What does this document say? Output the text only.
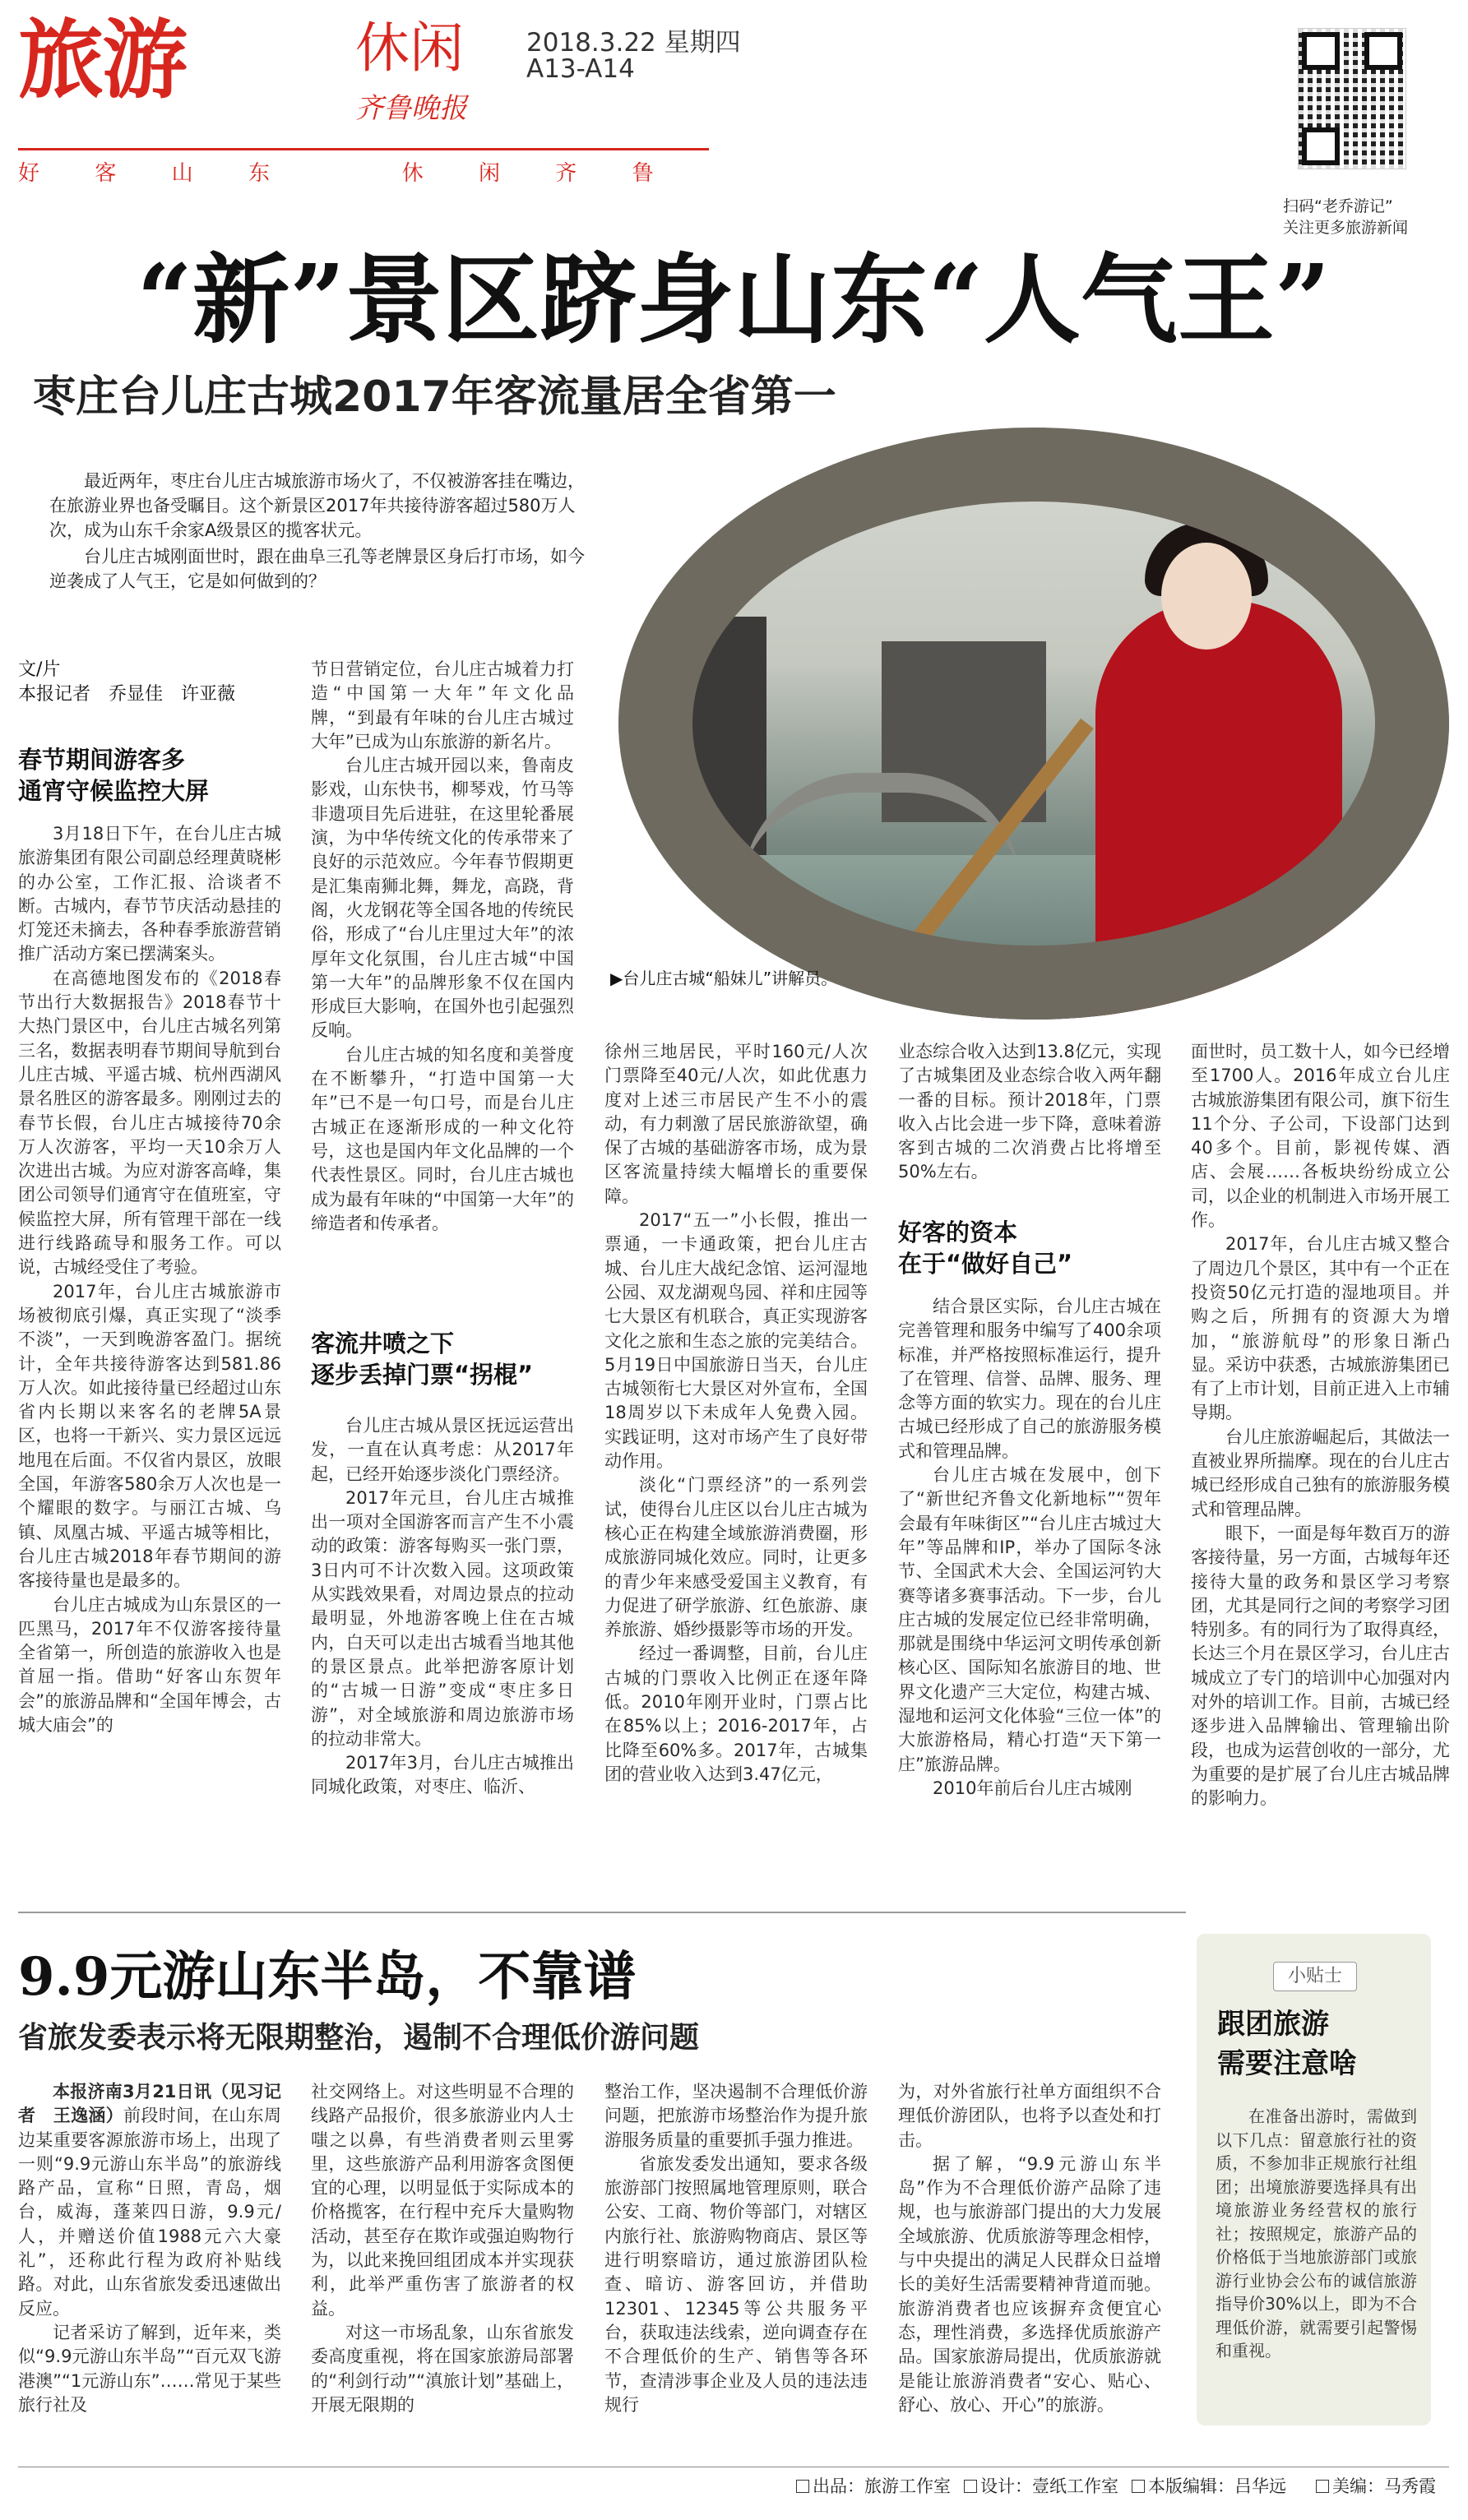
旅游	休闲
齐鲁晚报
2018.3.22 星期四
A13-A14
好	客	山	东	休	闲	齐	鲁
扫码“老乔游记”
关注更多旅游新闻
“新”景区跻身山东“人气王”
枣庄台儿庄古城2017年客流量居全省第一

最近两年，枣庄台儿庄古城旅游市场火了，不仅被游客挂在嘴边，在旅游业界也备受瞩目。这个新景区2017年共接待游客超过580万人次，成为山东千余家A级景区的揽客状元。

台儿庄古城刚面世时，跟在曲阜三孔等老牌景区身后打市场，如今逆袭成了人气王，它是如何做到的？

▶台儿庄古城“船妹儿”讲解员。
文/片
本报记者　乔显佳　许亚薇
春节期间游客多
通宵守候监控大屏

3月18日下午，在台儿庄古城旅游集团有限公司副总经理黄晓彬的办公室，工作汇报、洽谈者不断。古城内，春节节庆活动悬挂的灯笼还未摘去，各种春季旅游营销推广活动方案已摆满案头。

在高德地图发布的《2018春节出行大数据报告》2018春节十大热门景区中，台儿庄古城名列第三名，数据表明春节期间导航到台儿庄古城、平遥古城、杭州西湖风景名胜区的游客最多。刚刚过去的春节长假，台儿庄古城接待70余万人次游客，平均一天10余万人次进出古城。为应对游客高峰，集团公司领导们通宵守在值班室，守候监控大屏，所有管理干部在一线进行线路疏导和服务工作。可以说，古城经受住了考验。

2017年，台儿庄古城旅游市场被彻底引爆，真正实现了“淡季不淡”，一天到晚游客盈门。据统计，全年共接待游客达到581.86万人次。如此接待量已经超过山东省内长期以来客名的老牌5A景区，也将一干新兴、实力景区远远地甩在后面。不仅省内景区，放眼全国，年游客580余万人次也是一个耀眼的数字。与丽江古城、乌镇、凤凰古城、平遥古城等相比，台儿庄古城2018年春节期间的游客接待量也是最多的。

台儿庄古城成为山东景区的一匹黑马，2017年不仅游客接待量全省第一，所创造的旅游收入也是首屈一指。借助“好客山东贺年会”的旅游品牌和“全国年博会，古城大庙会”的

节日营销定位，台儿庄古城着力打造“中国第一大年”年文化品牌，“到最有年味的台儿庄古城过大年”已成为山东旅游的新名片。

台儿庄古城开园以来，鲁南皮影戏，山东快书，柳琴戏，竹马等非遗项目先后进驻，在这里轮番展演，为中华传统文化的传承带来了良好的示范效应。今年春节假期更是汇集南狮北舞，舞龙，高跷，背阁，火龙钢花等全国各地的传统民俗，形成了“台儿庄里过大年”的浓厚年文化氛围，台儿庄古城“中国第一大年”的品牌形象不仅在国内形成巨大影响，在国外也引起强烈反响。

台儿庄古城的知名度和美誉度在不断攀升，“打造中国第一大年”已不是一句口号，而是台儿庄古城正在逐渐形成的一种文化符号，这也是国内年文化品牌的一个代表性景区。同时，台儿庄古城也成为最有年味的“中国第一大年”的缔造者和传承者。

客流井喷之下
逐步丢掉门票“拐棍”

台儿庄古城从景区抚远运营出发，一直在认真考虑：从2017年起，已经开始逐步淡化门票经济。

2017年元旦，台儿庄古城推出一项对全国游客而言产生不小震动的政策：游客每购买一张门票，3日内可不计次数入园。这项政策从实践效果看，对周边景点的拉动最明显，外地游客晚上住在古城内，白天可以走出古城看当地其他的景区景点。此举把游客原计划的“古城一日游”变成“枣庄多日游”，对全域旅游和周边旅游市场的拉动非常大。

2017年3月，台儿庄古城推出同城化政策，对枣庄、临沂、

徐州三地居民，平时160元/人次门票降至40元/人次，如此优惠力度对上述三市居民产生不小的震动，有力刺激了居民旅游欲望，确保了古城的基础游客市场，成为景区客流量持续大幅增长的重要保障。

2017“五一”小长假，推出一票通，一卡通政策，把台儿庄古城、台儿庄大战纪念馆、运河湿地公园、双龙湖观鸟园、祥和庄园等七大景区有机联合，真正实现游客文化之旅和生态之旅的完美结合。5月19日中国旅游日当天，台儿庄古城领衔七大景区对外宣布，全国18周岁以下未成年人免费入园。实践证明，这对市场产生了良好带动作用。

淡化“门票经济”的一系列尝试，使得台儿庄区以台儿庄古城为核心正在构建全域旅游消费圈，形成旅游同城化效应。同时，让更多的青少年来感受爱国主义教育，有力促进了研学旅游、红色旅游、康养旅游、婚纱摄影等市场的开发。

经过一番调整，目前，台儿庄古城的门票收入比例正在逐年降低。2010年刚开业时，门票占比在85%以上；2016-2017年，占比降至60%多。2017年，古城集团的营业收入达到3.47亿元，

业态综合收入达到13.8亿元，实现了古城集团及业态综合收入两年翻一番的目标。预计2018年，门票收入占比会进一步下降，意味着游客到古城的二次消费占比将增至50%左右。

好客的资本
在于“做好自己”

结合景区实际，台儿庄古城在完善管理和服务中编写了400余项标准，并严格按照标准运行，提升了在管理、信誉、品牌、服务、理念等方面的软实力。现在的台儿庄古城已经形成了自己的旅游服务模式和管理品牌。

台儿庄古城在发展中，创下了“新世纪齐鲁文化新地标”“贺年会最有年味街区”“台儿庄古城过大年”等品牌和IP，举办了国际冬泳节、全国武术大会、全国运河钓大赛等诸多赛事活动。下一步，台儿庄古城的发展定位已经非常明确，那就是围绕中华运河文明传承创新核心区、国际知名旅游目的地、世界文化遗产三大定位，构建古城、湿地和运河文化体验“三位一体”的大旅游格局，精心打造“天下第一庄”旅游品牌。

2010年前后台儿庄古城刚

面世时，员工数十人，如今已经增至1700人。2016年成立台儿庄古城旅游集团有限公司，旗下衍生11个分、子公司，下设部门达到40多个。目前，影视传媒、酒店、会展……各板块纷纷成立公司，以企业的机制进入市场开展工作。

2017年，台儿庄古城又整合了周边几个景区，其中有一个正在投资50亿元打造的湿地项目。并购之后，所拥有的资源大为增加，“旅游航母”的形象日渐凸显。采访中获悉，古城旅游集团已有了上市计划，目前正进入上市辅导期。

台儿庄旅游崛起后，其做法一直被业界所揣摩。现在的台儿庄古城已经形成自己独有的旅游服务模式和管理品牌。

眼下，一面是每年数百万的游客接待量，另一方面，古城每年还接待大量的政务和景区学习考察团，尤其是同行之间的考察学习团特别多。有的同行为了取得真经，长达三个月在景区学习，台儿庄古城成立了专门的培训中心加强对内对外的培训工作。目前，古城已经逐步进入品牌输出、管理输出阶段，也成为运营创收的一部分，尤为重要的是扩展了台儿庄古城品牌的影响力。

9.9元游山东半岛，不靠谱
省旅发委表示将无限期整治，遏制不合理低价游问题

本报济南3月21日讯（见习记者　王逸涵）前段时间，在山东周边某重要客源旅游市场上，出现了一则“9.9元游山东半岛”的旅游线路产品，宣称“日照，青岛，烟台，威海，蓬莱四日游，9.9元/人，并赠送价值1988元六大豪礼”，还称此行程为政府补贴线路。对此，山东省旅发委迅速做出反应。

记者采访了解到，近年来，类似“9.9元游山东半岛”“百元双飞游港澳”“1元游山东”……常见于某些旅行社及

社交网络上。对这些明显不合理的线路产品报价，很多旅游业内人士嗤之以鼻，有些消费者则云里雾里，这些旅游产品利用游客贪图便宜的心理，以明显低于实际成本的价格揽客，在行程中充斥大量购物活动，甚至存在欺诈或强迫购物行为，以此来挽回组团成本并实现获利，此举严重伤害了旅游者的权益。

对这一市场乱象，山东省旅发委高度重视，将在国家旅游局部署的“利剑行动”“滇旅计划”基础上，开展无限期的

整治工作，坚决遏制不合理低价游问题，把旅游市场整治作为提升旅游服务质量的重要抓手强力推进。

省旅发委发出通知，要求各级旅游部门按照属地管理原则，联合公安、工商、物价等部门，对辖区内旅行社、旅游购物商店、景区等进行明察暗访，通过旅游团队检查、暗访、游客回访，并借助12301、12345等公共服务平台，获取违法线索，逆向调查存在不合理低价的生产、销售等各环节，查清涉事企业及人员的违法违规行

为，对外省旅行社单方面组织不合理低价游团队，也将予以查处和打击。

据了解，“9.9元游山东半岛”作为不合理低价游产品除了违规，也与旅游部门提出的大力发展全域旅游、优质旅游等理念相悖，与中央提出的满足人民群众日益增长的美好生活需要精神背道而驰。旅游消费者也应该摒弃贪便宜心态，理性消费，多选择优质旅游产品。国家旅游局提出，优质旅游就是能让旅游消费者“安心、贴心、舒心、放心、开心”的旅游。

小贴士
跟团旅游
需要注意啥

在准备出游时，需做到以下几点：留意旅行社的资质，不参加非正规旅行社组团；出境旅游要选择具有出境旅游业务经营权的旅行社；按照规定，旅游产品的价格低于当地旅游部门或旅游行业协会公布的诚信旅游指导价30%以上，即为不合理低价游，就需要引起警惕和重视。

出品：旅游工作室	设计：壹纸工作室	本版编辑：吕华远	美编：马秀霞
